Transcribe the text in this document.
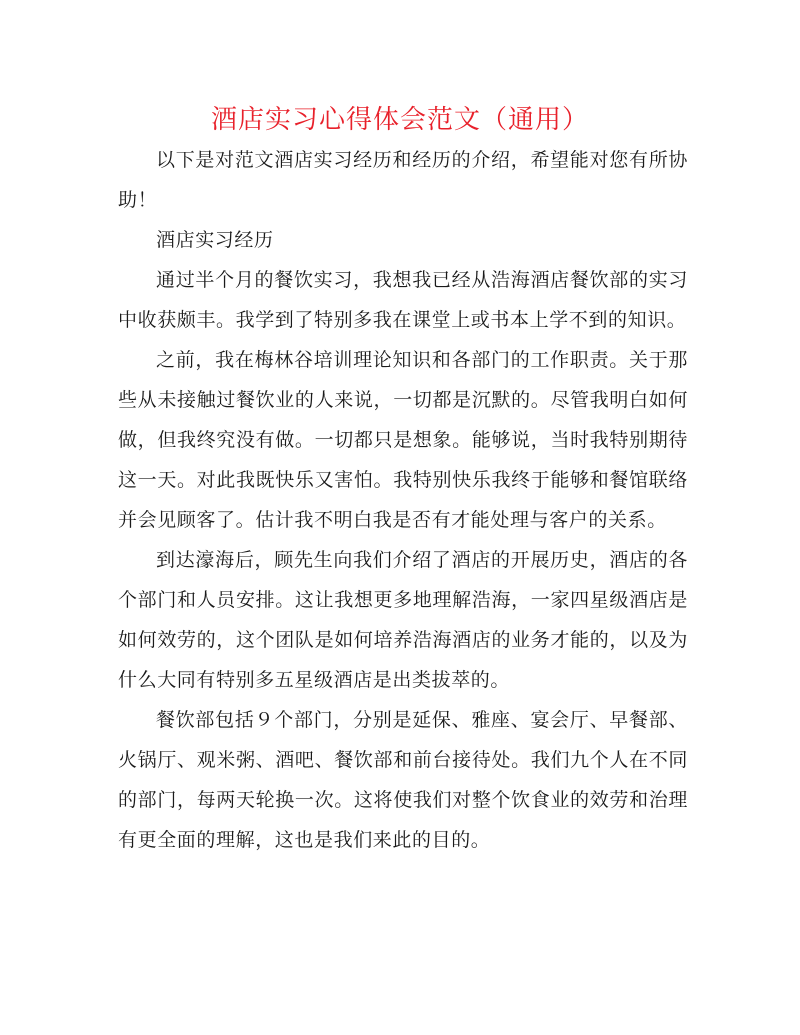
酒店实习心得体会范文（通用）

以下是对范文酒店实习经历和经历的介绍，希望能对您有所协助！

酒店实习经历

通过半个月的餐饮实习，我想我已经从浩海酒店餐饮部的实习中收获颇丰。我学到了特别多我在课堂上或书本上学不到的知识。

之前，我在梅林谷培训理论知识和各部门的工作职责。关于那些从未接触过餐饮业的人来说，一切都是沉默的。尽管我明白如何做，但我终究没有做。一切都只是想象。能够说，当时我特别期待这一天。对此我既快乐又害怕。我特别快乐我终于能够和餐馆联络并会见顾客了。估计我不明白我是否有才能处理与客户的关系。

到达濠海后，顾先生向我们介绍了酒店的开展历史，酒店的各个部门和人员安排。这让我想更多地理解浩海，一家四星级酒店是如何效劳的，这个团队是如何培养浩海酒店的业务才能的，以及为什么大同有特别多五星级酒店是出类拔萃的。

餐饮部包括９个部门，分别是延保、雅座、宴会厅、早餐部、火锅厅、观米粥、酒吧、餐饮部和前台接待处。我们九个人在不同的部门，每两天轮换一次。这将使我们对整个饮食业的效劳和治理有更全面的理解，这也是我们来此的目的。
